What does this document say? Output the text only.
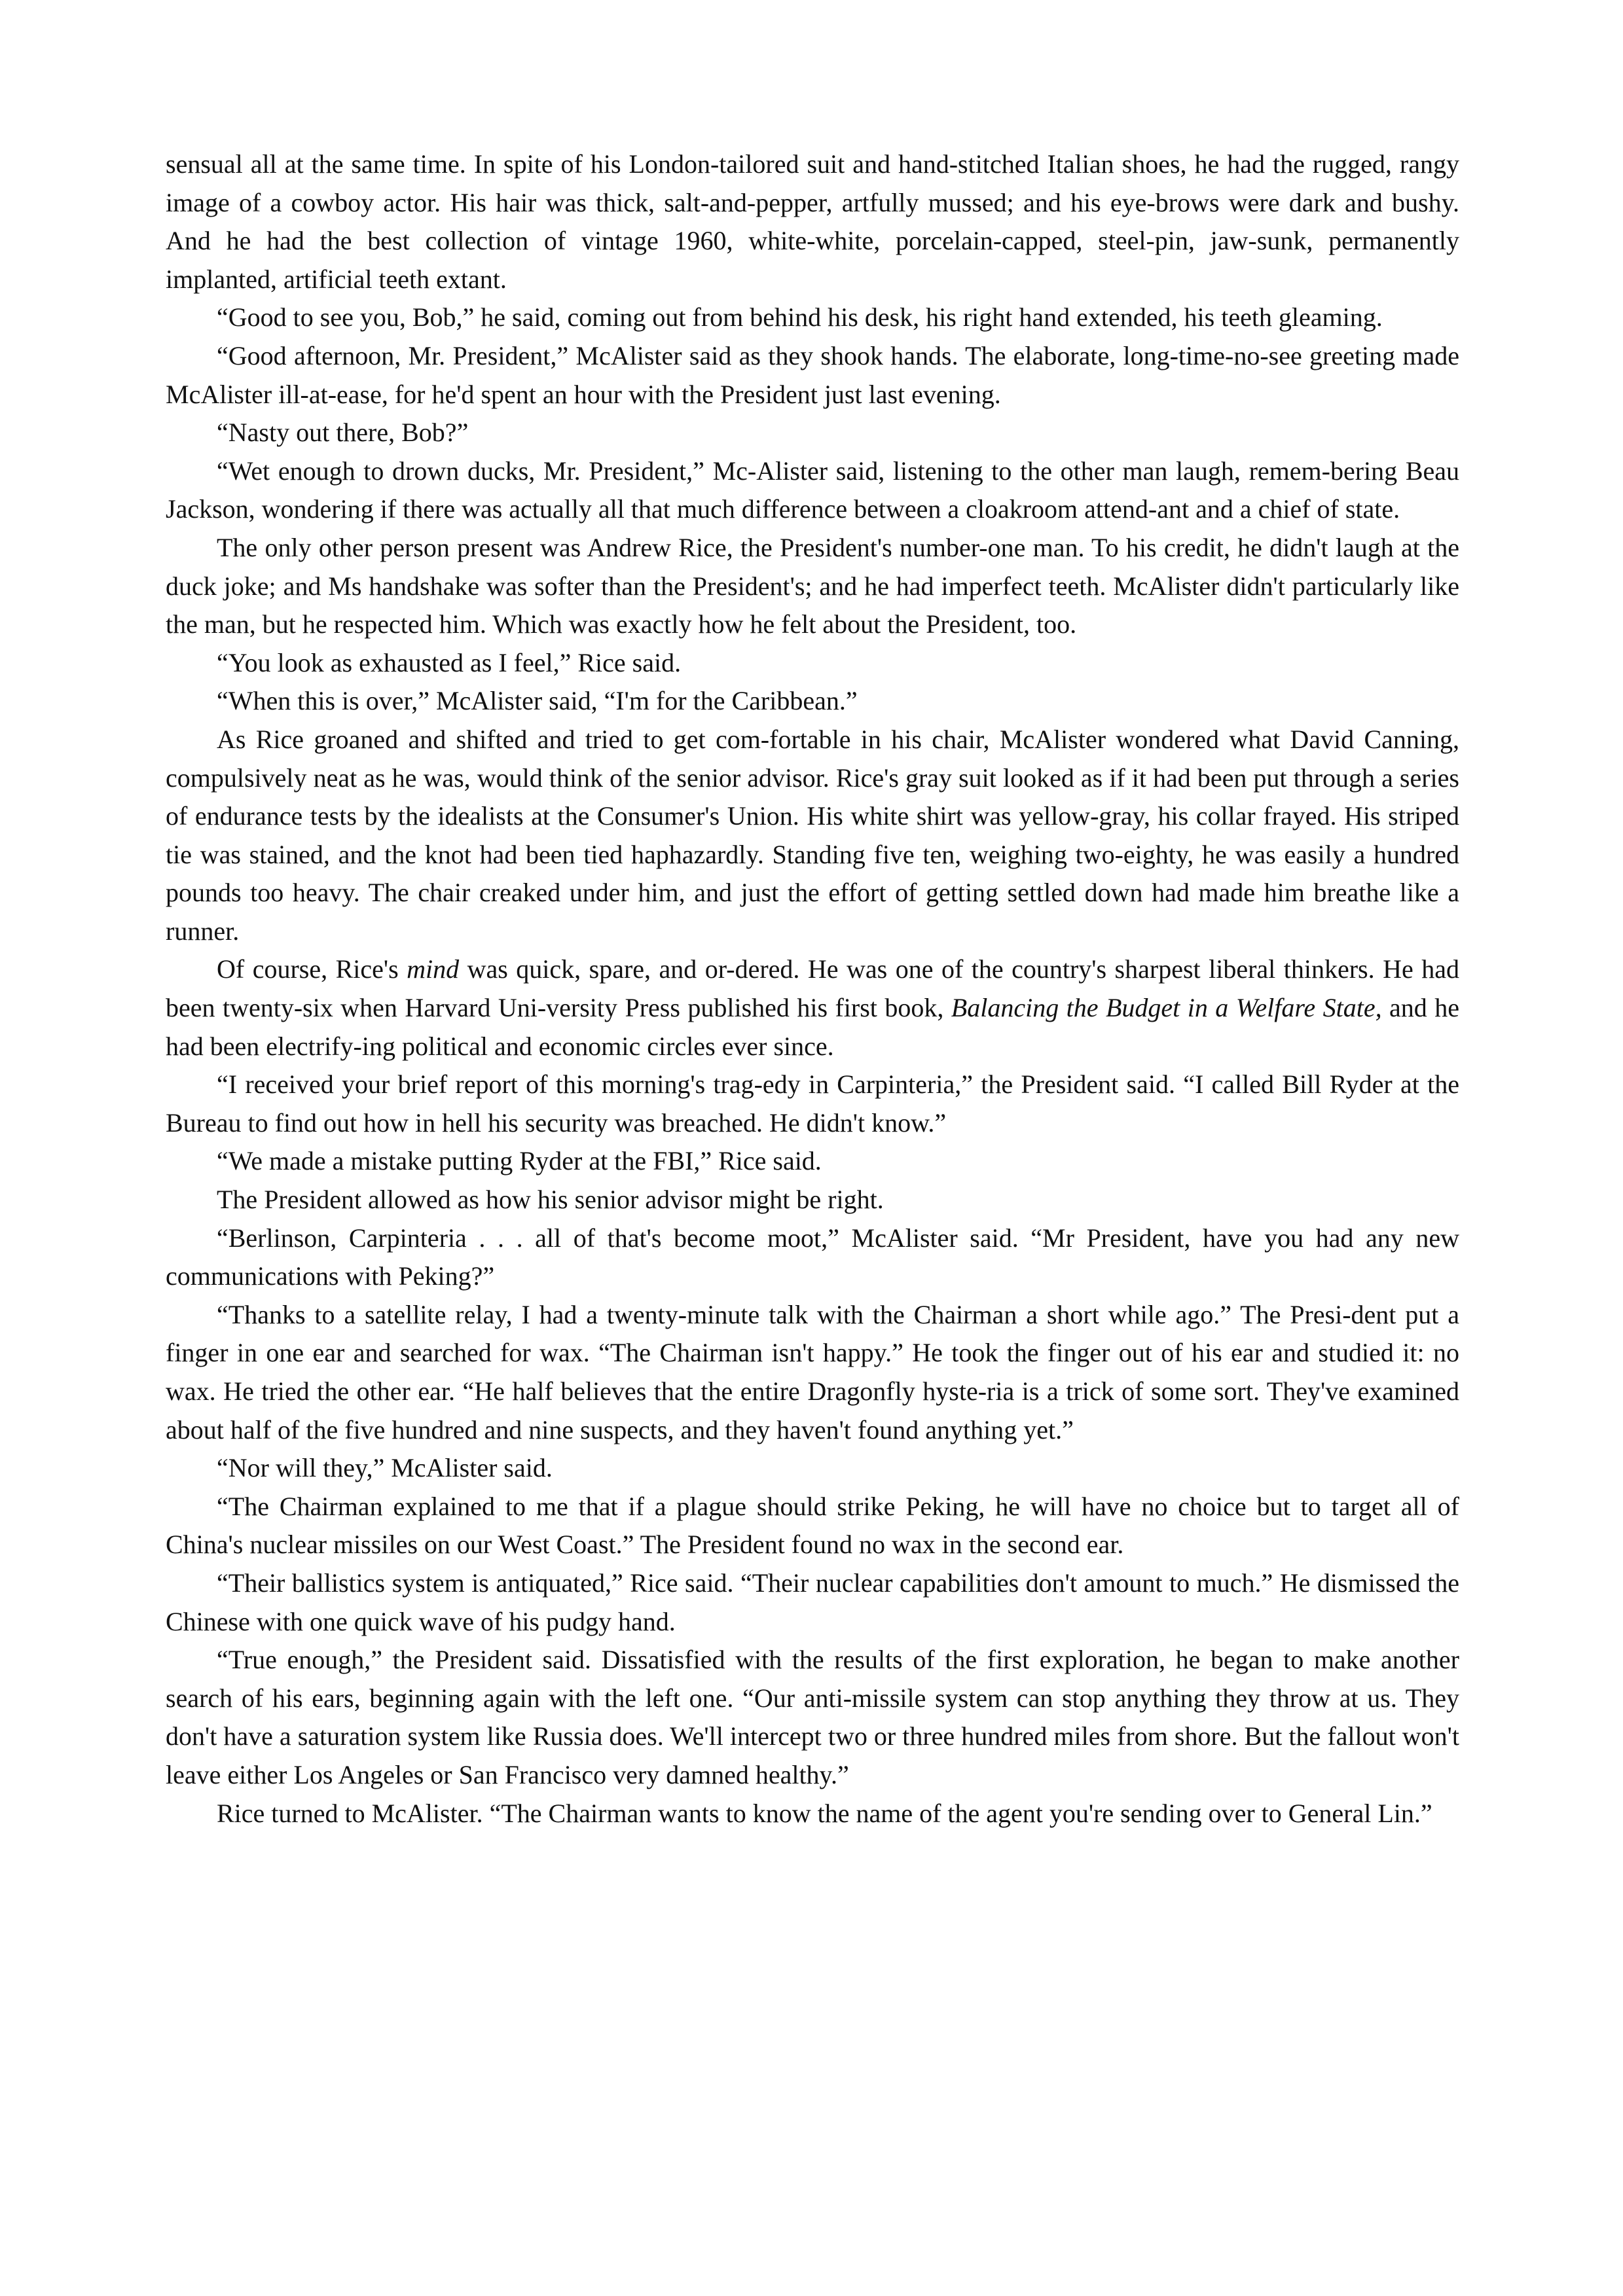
sensual all at the same time. In spite of his London-tailored suit and hand-stitched Italian shoes, he had the rugged, rangy image of a cowboy actor. His hair was thick, salt-and-pepper, artfully mussed; and his eye-brows were dark and bushy. And he had the best collection of vintage 1960, white-white, porcelain-capped, steel-pin, jaw-sunk, permanently implanted, artificial teeth extant.

“Good to see you, Bob,” he said, coming out from behind his desk, his right hand extended, his teeth gleaming.

“Good afternoon, Mr. President,” McAlister said as they shook hands. The elaborate, long-time-no-see greeting made McAlister ill-at-ease, for he'd spent an hour with the President just last evening.

“Nasty out there, Bob?”

“Wet enough to drown ducks, Mr. President,” Mc-Alister said, listening to the other man laugh, remem-bering Beau Jackson, wondering if there was actually all that much difference between a cloakroom attend-ant and a chief of state.

The only other person present was Andrew Rice, the President's number-one man. To his credit, he didn't laugh at the duck joke; and Ms handshake was softer than the President's; and he had imperfect teeth. McAlister didn't particularly like the man, but he respected him. Which was exactly how he felt about the President, too.

“You look as exhausted as I feel,” Rice said.

“When this is over,” McAlister said, “I'm for the Caribbean.”

As Rice groaned and shifted and tried to get com-fortable in his chair, McAlister wondered what David Canning, compulsively neat as he was, would think of the senior advisor. Rice's gray suit looked as if it had been put through a series of endurance tests by the idealists at the Consumer's Union. His white shirt was yellow-gray, his collar frayed. His striped tie was stained, and the knot had been tied haphazardly. Standing five ten, weighing two-eighty, he was easily a hundred pounds too heavy. The chair creaked under him, and just the effort of getting settled down had made him breathe like a runner.

Of course, Rice's mind was quick, spare, and or-dered. He was one of the country's sharpest liberal thinkers. He had been twenty-six when Harvard Uni-versity Press published his first book, Balancing the Budget in a Welfare State, and he had been electrify-ing political and economic circles ever since.

“I received your brief report of this morning's trag-edy in Carpinteria,” the President said. “I called Bill Ryder at the Bureau to find out how in hell his security was breached. He didn't know.”

“We made a mistake putting Ryder at the FBI,” Rice said.

The President allowed as how his senior advisor might be right.

“Berlinson, Carpinteria . . . all of that's become moot,” McAlister said. “Mr President, have you had any new communications with Peking?”

“Thanks to a satellite relay, I had a twenty-minute talk with the Chairman a short while ago.” The Presi-dent put a finger in one ear and searched for wax. “The Chairman isn't happy.” He took the finger out of his ear and studied it: no wax. He tried the other ear. “He half believes that the entire Dragonfly hyste-ria is a trick of some sort. They've examined about half of the five hundred and nine suspects, and they haven't found anything yet.”

“Nor will they,” McAlister said.

“The Chairman explained to me that if a plague should strike Peking, he will have no choice but to target all of China's nuclear missiles on our West Coast.” The President found no wax in the second ear.

“Their ballistics system is antiquated,” Rice said. “Their nuclear capabilities don't amount to much.” He dismissed the Chinese with one quick wave of his pudgy hand.

“True enough,” the President said. Dissatisfied with the results of the first exploration, he began to make another search of his ears, beginning again with the left one. “Our anti-missile system can stop anything they throw at us. They don't have a saturation system like Russia does. We'll intercept two or three hundred miles from shore. But the fallout won't leave either Los Angeles or San Francisco very damned healthy.”

Rice turned to McAlister. “The Chairman wants to know the name of the agent you're sending over to General Lin.”
